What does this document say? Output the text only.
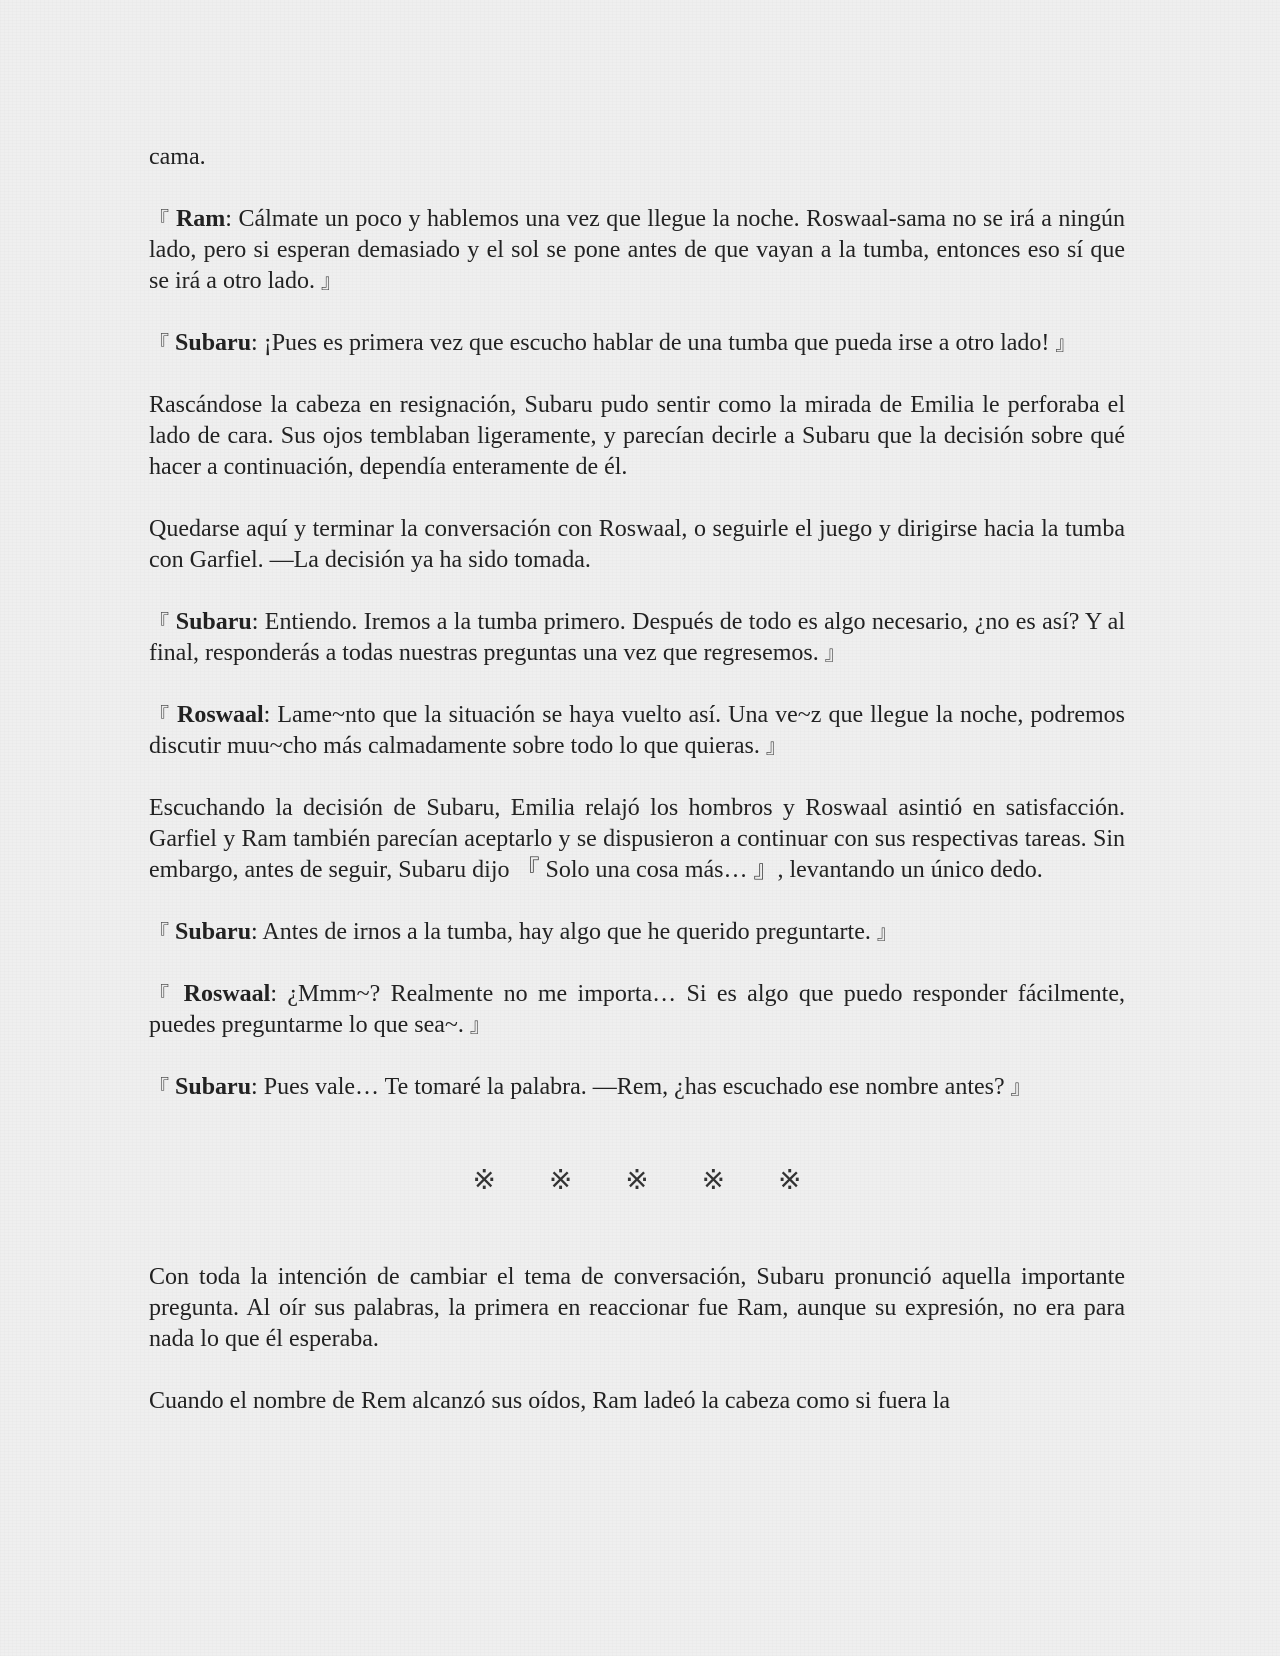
cama.

『 Ram: Cálmate un poco y hablemos una vez que llegue la noche. Roswaal-sama no se irá a ningún lado, pero si esperan demasiado y el sol se pone antes de que vayan a la tumba, entonces eso sí que se irá a otro lado. 』

『 Subaru: ¡Pues es primera vez que escucho hablar de una tumba que pueda irse a otro lado! 』

Rascándose la cabeza en resignación, Subaru pudo sentir como la mirada de Emilia le perforaba el lado de cara. Sus ojos temblaban ligeramente, y parecían decirle a Subaru que la decisión sobre qué hacer a continuación, dependía enteramente de él.

Quedarse aquí y terminar la conversación con Roswaal, o seguirle el juego y dirigirse hacia la tumba con Garfiel. —La decisión ya ha sido tomada.

『 Subaru: Entiendo. Iremos a la tumba primero. Después de todo es algo necesario, ¿no es así? Y al final, responderás a todas nuestras preguntas una vez que regresemos. 』

『 Roswaal: Lame~nto que la situación se haya vuelto así. Una ve~z que llegue la noche, podremos discutir muu~cho más calmadamente sobre todo lo que quieras. 』

Escuchando la decisión de Subaru, Emilia relajó los hombros y Roswaal asintió en satisfacción. Garfiel y Ram también parecían aceptarlo y se dispusieron a continuar con sus respectivas tareas. Sin embargo, antes de seguir, Subaru dijo 『 Solo una cosa más… 』, levantando un único dedo.

『 Subaru: Antes de irnos a la tumba, hay algo que he querido preguntarte. 』

『 Roswaal: ¿Mmm~? Realmente no me importa… Si es algo que puedo responder fácilmente, puedes preguntarme lo que sea~. 』

『 Subaru: Pues vale… Te tomaré la palabra. —Rem, ¿has escuchado ese nombre antes? 』

※ ※ ※ ※ ※

Con toda la intención de cambiar el tema de conversación, Subaru pronunció aquella importante pregunta. Al oír sus palabras, la primera en reaccionar fue Ram, aunque su expresión, no era para nada lo que él esperaba.

Cuando el nombre de Rem alcanzó sus oídos, Ram ladeó la cabeza como si fuera la
